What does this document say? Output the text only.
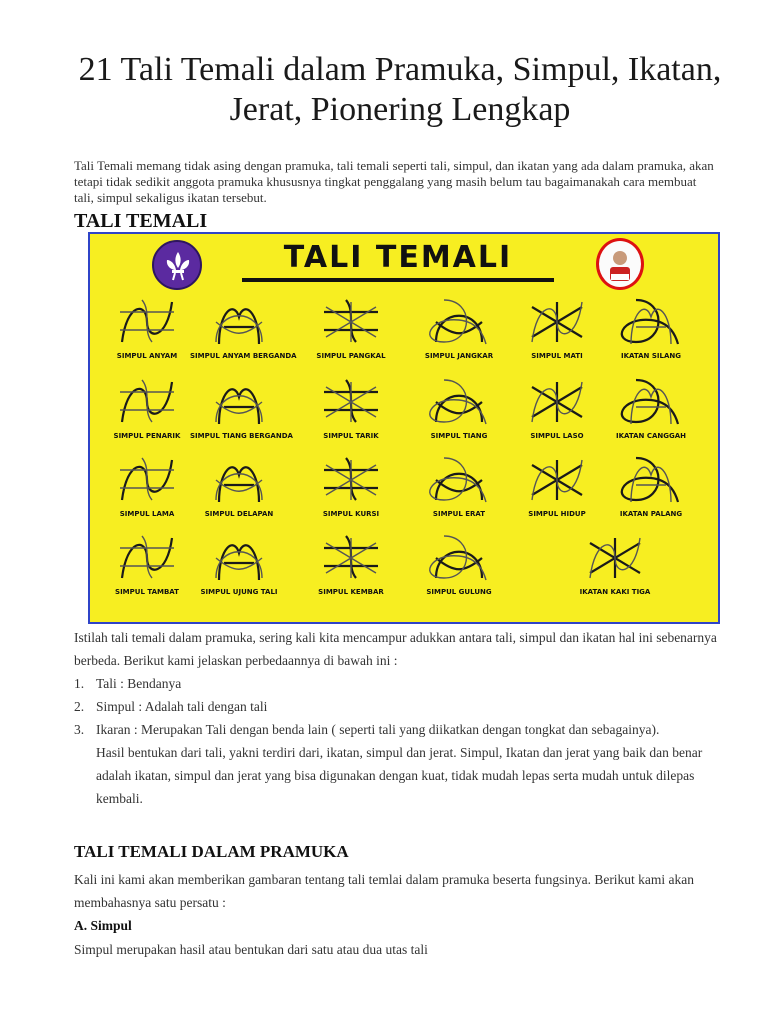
21 Tali Temali dalam Pramuka, Simpul, Ikatan, Jerat, Pionering Lengkap
Tali Temali memang tidak asing dengan pramuka, tali temali seperti tali, simpul, dan ikatan yang ada dalam pramuka, akan tetapi tidak sedikit anggota pramuka khususnya tingkat penggalang yang masih belum tau bagaimanakah cara membuat tali, simpul sekaligus ikatan tersebut.
TALI TEMALI
TALI TEMALI
SIMPUL ANYAM	SIMPUL ANYAM BERGANDA	SIMPUL PANGKAL	SIMPUL JANGKAR	SIMPUL MATI	IKATAN SILANG
SIMPUL PENARIK	SIMPUL TIANG BERGANDA	SIMPUL TARIK	SIMPUL TIANG	SIMPUL LASO	IKATAN CANGGAH
SIMPUL LAMA	SIMPUL DELAPAN	SIMPUL KURSI	SIMPUL ERAT	SIMPUL HIDUP	IKATAN PALANG
SIMPUL TAMBAT	SIMPUL UJUNG TALI	SIMPUL KEMBAR	SIMPUL GULUNG	IKATAN KAKI TIGA
Istilah tali temali dalam pramuka, sering kali kita mencampur adukkan antara tali, simpul dan ikatan hal ini sebenarnya berbeda. Berikut kami jelaskan perbedaannya di bawah ini :
1. Tali : Bendanya
2. Simpul : Adalah tali dengan tali
3. Ikaran : Merupakan Tali dengan benda lain ( seperti tali yang diikatkan dengan tongkat dan sebagainya).
Hasil bentukan dari tali, yakni terdiri dari, ikatan, simpul dan jerat. Simpul, Ikatan dan jerat yang baik dan benar adalah ikatan, simpul dan jerat yang bisa digunakan dengan kuat, tidak mudah lepas serta mudah untuk dilepas kembali.
TALI TEMALI DALAM PRAMUKA
Kali ini kami akan memberikan gambaran tentang tali temlai dalam pramuka beserta fungsinya. Berikut kami akan membahasnya satu persatu :
A. Simpul
Simpul merupakan hasil atau bentukan dari satu atau dua utas tali
